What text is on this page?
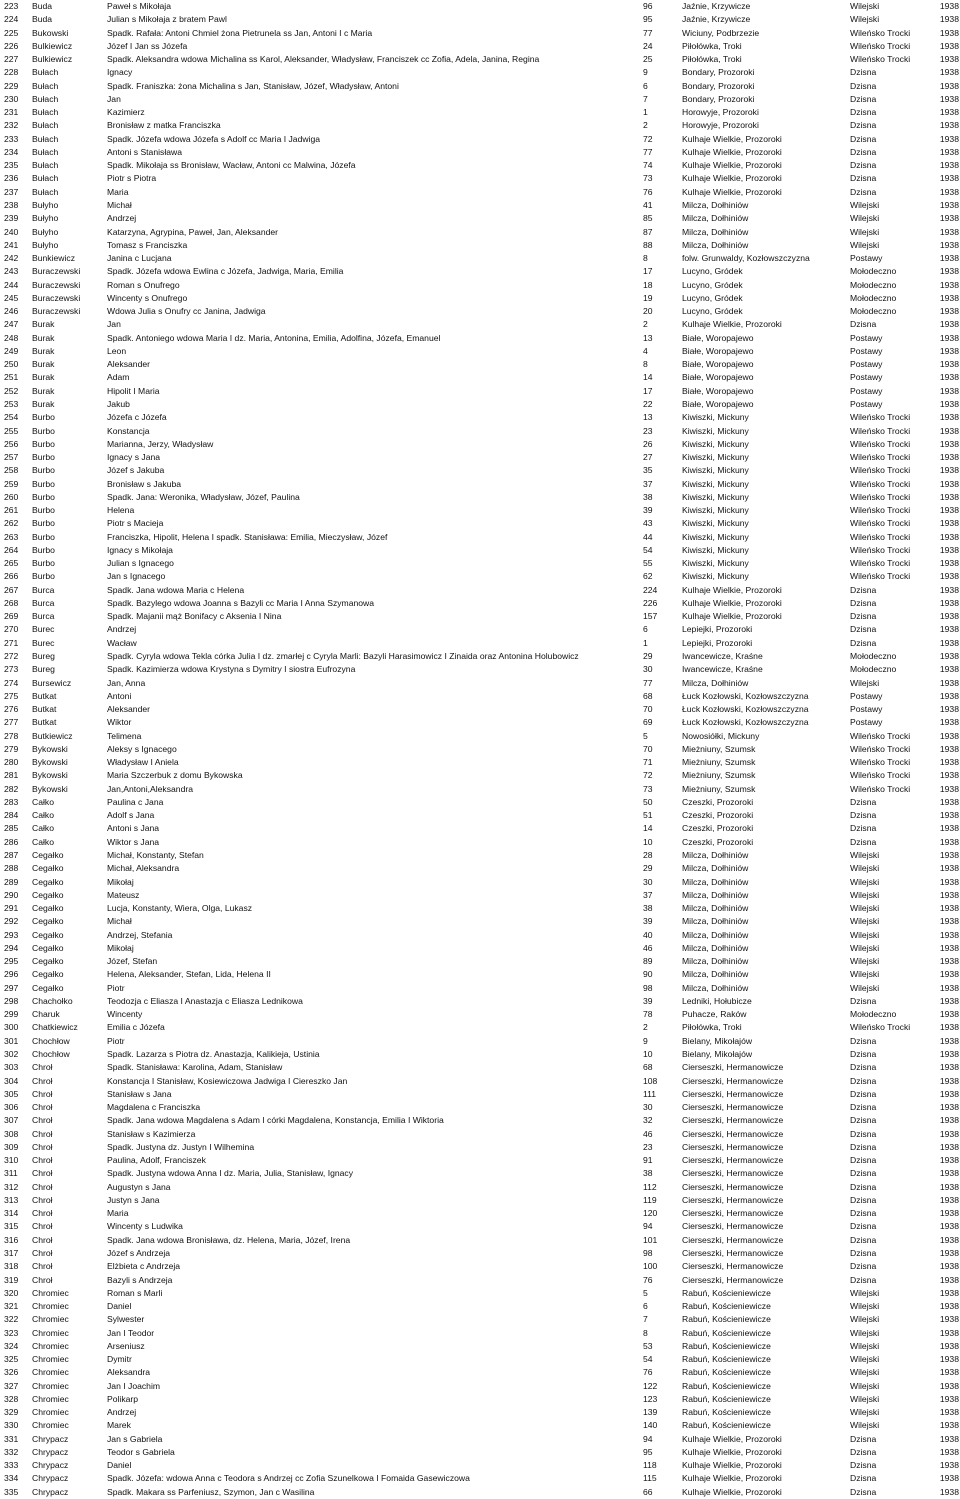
223	Buda	Paweł s Mikołaja	96	Jaźnie, Krzywicze	Wilejski	1938
224	Buda	Julian s Mikołaja z bratem Pawl	95	Jaźnie, Krzywicze	Wilejski	1938
225	Bukowski	Spadk. Rafała: Antoni Chmiel żona Pietrunela ss Jan, Antoni I c Maria	77	Wiciuny, Podbrzezie	Wileńsko Trocki	1938
226	Bulkiewicz	Józef I Jan ss Józefa	24	Piłołówka, Troki	Wileńsko Trocki	1938
227	Bulkiewicz	Spadk. Aleksandra wdowa Michalina ss Karol, Aleksander, Władysław, Franciszek cc Zofia, Adela, Janina, Regina	25	Piłołówka, Troki	Wileńsko Trocki	1938
228	Bułach	Ignacy	9	Bondary, Prozoroki	Dzisna	1938
229	Bułach	Spadk. Franiszka: żona Michalina s Jan, Stanisław, Józef, Władysław, Antoni	6	Bondary, Prozoroki	Dzisna	1938
230	Bułach	Jan	7	Bondary, Prozoroki	Dzisna	1938
231	Bułach	Kazimierz	1	Horowyje, Prozoroki	Dzisna	1938
232	Bułach	Bronisław z matka Franciszka	2	Horowyje, Prozoroki	Dzisna	1938
233	Bułach	Spadk. Józefa wdowa Józefa s Adolf cc Maria I Jadwiga	72	Kulhaje Wielkie, Prozoroki	Dzisna	1938
234	Bułach	Antoni s Stanisława	77	Kulhaje Wielkie, Prozoroki	Dzisna	1938
235	Bułach	Spadk. Mikołaja ss Bronisław, Wacław, Antoni cc Malwina, Józefa	74	Kulhaje Wielkie, Prozoroki	Dzisna	1938
236	Bułach	Piotr s Piotra	73	Kulhaje Wielkie, Prozoroki	Dzisna	1938
237	Bułach	Maria	76	Kulhaje Wielkie, Prozoroki	Dzisna	1938
238	Bułyho	Michał	41	Milcza, Dołhiniów	Wilejski	1938
239	Bułyho	Andrzej	85	Milcza, Dołhiniów	Wilejski	1938
240	Bułyho	Katarzyna, Agrypina, Paweł, Jan, Aleksander	87	Milcza, Dołhiniów	Wilejski	1938
241	Bułyho	Tomasz s Franciszka	88	Milcza, Dołhiniów	Wilejski	1938
242	Bunkiewicz	Janina c Lucjana	8	folw. Grunwaldy, Kozłowszczyzna	Postawy	1938
243	Buraczewski	Spadk. Józefa wdowa Ewlina c Józefa, Jadwiga, Maria, Emilia	17	Lucyno, Gródek	Mołodeczno	1938
244	Buraczewski	Roman s Onufrego	18	Lucyno, Gródek	Mołodeczno	1938
245	Buraczewski	Wincenty s Onufrego	19	Lucyno, Gródek	Mołodeczno	1938
246	Buraczewski	Wdowa Julia s Onufry cc Janina, Jadwiga	20	Lucyno, Gródek	Mołodeczno	1938
247	Burak	Jan	2	Kulhaje Wielkie, Prozoroki	Dzisna	1938
248	Burak	Spadk. Antoniego wdowa Maria I dz. Maria, Antonina, Emilia, Adolfina, Józefa, Emanuel	13	Białe, Woropajewo	Postawy	1938
249	Burak	Leon	4	Białe, Woropajewo	Postawy	1938
250	Burak	Aleksander	8	Białe, Woropajewo	Postawy	1938
251	Burak	Adam	14	Białe, Woropajewo	Postawy	1938
252	Burak	Hipolit I Maria	17	Białe, Woropajewo	Postawy	1938
253	Burak	Jakub	22	Białe, Woropajewo	Postawy	1938
254	Burbo	Józefa c Józefa	13	Kiwiszki, Mickuny	Wileńsko Trocki	1938
255	Burbo	Konstancja	23	Kiwiszki, Mickuny	Wileńsko Trocki	1938
256	Burbo	Marianna, Jerzy, Władysław	26	Kiwiszki, Mickuny	Wileńsko Trocki	1938
257	Burbo	Ignacy s Jana	27	Kiwiszki, Mickuny	Wileńsko Trocki	1938
258	Burbo	Józef s Jakuba	35	Kiwiszki, Mickuny	Wileńsko Trocki	1938
259	Burbo	Bronisław s Jakuba	37	Kiwiszki, Mickuny	Wileńsko Trocki	1938
260	Burbo	Spadk. Jana: Weronika, Władysław, Józef, Paulina	38	Kiwiszki, Mickuny	Wileńsko Trocki	1938
261	Burbo	Helena	39	Kiwiszki, Mickuny	Wileńsko Trocki	1938
262	Burbo	Piotr s Macieja	43	Kiwiszki, Mickuny	Wileńsko Trocki	1938
263	Burbo	Franciszka, Hipolit, Helena I spadk. Stanisława: Emilia, Mieczysław, Józef	44	Kiwiszki, Mickuny	Wileńsko Trocki	1938
264	Burbo	Ignacy s Mikołaja	54	Kiwiszki, Mickuny	Wileńsko Trocki	1938
265	Burbo	Julian s Ignacego	55	Kiwiszki, Mickuny	Wileńsko Trocki	1938
266	Burbo	Jan s Ignacego	62	Kiwiszki, Mickuny	Wileńsko Trocki	1938
267	Burca	Spadk. Jana wdowa Maria c Helena	224	Kulhaje Wielkie, Prozoroki	Dzisna	1938
268	Burca	Spadk. Bazylego wdowa Joanna s Bazyli cc Maria I Anna Szymanowa	226	Kulhaje Wielkie, Prozoroki	Dzisna	1938
269	Burca	Spadk. Majanii mąż Bonifacy c Aksenia I Nina	157	Kulhaje Wielkie, Prozoroki	Dzisna	1938
270	Burec	Andrzej	6	Lepiejki, Prozoroki	Dzisna	1938
271	Burec	Wacław	1	Lepiejki, Prozoroki	Dzisna	1938
272	Bureg	Spadk. Cyryla wdowa Tekla córka Julia I dz. zmarłej c Cyryla Marli: Bazyli Harasimowicz I Zinaida oraz Antonina Holubowicz	29	Iwancewicze, Kraśne	Mołodeczno	1938
273	Bureg	Spadk. Kazimierza wdowa Krystyna s Dymitry I siostra Eufrozyna	30	Iwancewicze, Kraśne	Mołodeczno	1938
274	Bursewicz	Jan, Anna	77	Milcza, Dołhiniów	Wilejski	1938
275	Butkat	Antoni	68	Łuck Kozłowski, Kozłowszczyzna	Postawy	1938
276	Butkat	Aleksander	70	Łuck Kozłowski, Kozłowszczyzna	Postawy	1938
277	Butkat	Wiktor	69	Łuck Kozłowski, Kozłowszczyzna	Postawy	1938
278	Butkiewicz	Telimena	5	Nowosiółki, Mickuny	Wileńsko Trocki	1938
279	Bykowski	Aleksy s Ignacego	70	Mieżniuny, Szumsk	Wileńsko Trocki	1938
280	Bykowski	Władysław I Aniela	71	Mieżniuny, Szumsk	Wileńsko Trocki	1938
281	Bykowski	Maria Szczerbuk z domu Bykowska	72	Mieżniuny, Szumsk	Wileńsko Trocki	1938
282	Bykowski	Jan,Antoni,Aleksandra	73	Mieżniuny, Szumsk	Wileńsko Trocki	1938
283	Całko	Paulina c Jana	50	Czeszki, Prozoroki	Dzisna	1938
284	Całko	Adolf s Jana	51	Czeszki, Prozoroki	Dzisna	1938
285	Całko	Antoni s Jana	14	Czeszki, Prozoroki	Dzisna	1938
286	Całko	Wiktor s Jana	10	Czeszki, Prozoroki	Dzisna	1938
287	Cegałko	Michał, Konstanty, Stefan	28	Milcza, Dołhiniów	Wilejski	1938
288	Cegałko	Michał, Aleksandra	29	Milcza, Dołhiniów	Wilejski	1938
289	Cegałko	Mikołaj	30	Milcza, Dołhiniów	Wilejski	1938
290	Cegałko	Mateusz	37	Milcza, Dołhiniów	Wilejski	1938
291	Cegałko	Lucja, Konstanty, Wiera, Olga, Lukasz	38	Milcza, Dołhiniów	Wilejski	1938
292	Cegałko	Michał	39	Milcza, Dołhiniów	Wilejski	1938
293	Cegałko	Andrzej, Stefania	40	Milcza, Dołhiniów	Wilejski	1938
294	Cegałko	Mikołaj	46	Milcza, Dołhiniów	Wilejski	1938
295	Cegałko	Józef, Stefan	89	Milcza, Dołhiniów	Wilejski	1938
296	Cegałko	Helena, Aleksander, Stefan, Lida, Helena II	90	Milcza, Dołhiniów	Wilejski	1938
297	Cegałko	Piotr	98	Milcza, Dołhiniów	Wilejski	1938
298	Chachołko	Teodozja c Eliasza I Anastazja c Eliasza Lednikowa	39	Ledniki, Hołubicze	Dzisna	1938
299	Charuk	Wincenty	78	Puhacze, Raków	Mołodeczno	1938
300	Chatkiewicz	Emilia c Józefa	2	Piłołówka, Troki	Wileńsko Trocki	1938
301	Chochłow	Piotr	9	Bielany, Mikołajów	Dzisna	1938
302	Chochłow	Spadk. Lazarza s Piotra dz. Anastazja, Kalikieja, Ustinia	10	Bielany, Mikołajów	Dzisna	1938
303	Chroł	Spadk. Stanisława: Karolina, Adam, Stanisław	68	Cierseszki, Hermanowicze	Dzisna	1938
304	Chroł	Konstancja I Stanisław, Kosiewiczowa Jadwiga I Ciereszko Jan	108	Cierseszki, Hermanowicze	Dzisna	1938
305	Chroł	Stanisław s Jana	111	Cierseszki, Hermanowicze	Dzisna	1938
306	Chroł	Magdalena c Franciszka	30	Cierseszki, Hermanowicze	Dzisna	1938
307	Chroł	Spadk. Jana wdowa Magdalena s Adam I córki Magdalena, Konstancja, Emilia I Wiktoria	32	Cierseszki, Hermanowicze	Dzisna	1938
308	Chroł	Stanisław s Kazimierza	46	Cierseszki, Hermanowicze	Dzisna	1938
309	Chroł	Spadk. Justyna dz. Justyn I Wilhemina	23	Cierseszki, Hermanowicze	Dzisna	1938
310	Chroł	Paulina, Adolf, Franciszek	91	Cierseszki, Hermanowicze	Dzisna	1938
311	Chroł	Spadk. Justyna wdowa Anna I dz. Maria, Julia, Stanisław, Ignacy	38	Cierseszki, Hermanowicze	Dzisna	1938
312	Chroł	Augustyn s Jana	112	Cierseszki, Hermanowicze	Dzisna	1938
313	Chroł	Justyn s Jana	119	Cierseszki, Hermanowicze	Dzisna	1938
314	Chroł	Maria	120	Cierseszki, Hermanowicze	Dzisna	1938
315	Chroł	Wincenty s Ludwika	94	Cierseszki, Hermanowicze	Dzisna	1938
316	Chroł	Spadk. Jana wdowa Bronisława, dz. Helena, Maria, Józef, Irena	101	Cierseszki, Hermanowicze	Dzisna	1938
317	Chroł	Józef s Andrzeja	98	Cierseszki, Hermanowicze	Dzisna	1938
318	Chroł	Elżbieta c Andrzeja	100	Cierseszki, Hermanowicze	Dzisna	1938
319	Chroł	Bazyli s Andrzeja	76	Cierseszki, Hermanowicze	Dzisna	1938
320	Chromiec	Roman s Marli	5	Rabuń, Kościeniewicze	Wilejski	1938
321	Chromiec	Daniel	6	Rabuń, Kościeniewicze	Wilejski	1938
322	Chromiec	Sylwester	7	Rabuń, Kościeniewicze	Wilejski	1938
323	Chromiec	Jan I Teodor	8	Rabuń, Kościeniewicze	Wilejski	1938
324	Chromiec	Arseniusz	53	Rabuń, Kościeniewicze	Wilejski	1938
325	Chromiec	Dymitr	54	Rabuń, Kościeniewicze	Wilejski	1938
326	Chromiec	Aleksandra	76	Rabuń, Kościeniewicze	Wilejski	1938
327	Chromiec	Jan I Joachim	122	Rabuń, Kościeniewicze	Wilejski	1938
328	Chromiec	Polikarp	123	Rabuń, Kościeniewicze	Wilejski	1938
329	Chromiec	Andrzej	139	Rabuń, Kościeniewicze	Wilejski	1938
330	Chromiec	Marek	140	Rabuń, Kościeniewicze	Wilejski	1938
331	Chrypacz	Jan s Gabriela	94	Kulhaje Wielkie, Prozoroki	Dzisna	1938
332	Chrypacz	Teodor s Gabriela	95	Kulhaje Wielkie, Prozoroki	Dzisna	1938
333	Chrypacz	Daniel	118	Kulhaje Wielkie, Prozoroki	Dzisna	1938
334	Chrypacz	Spadk. Józefa: wdowa Anna c Teodora s Andrzej cc Zofia Szunelkowa I Fomaida Gasewiczowa	115	Kulhaje Wielkie, Prozoroki	Dzisna	1938
335	Chrypacz	Spadk. Makara ss Parfeniusz, Szymon, Jan c Wasilina	66	Kulhaje Wielkie, Prozoroki	Dzisna	1938
